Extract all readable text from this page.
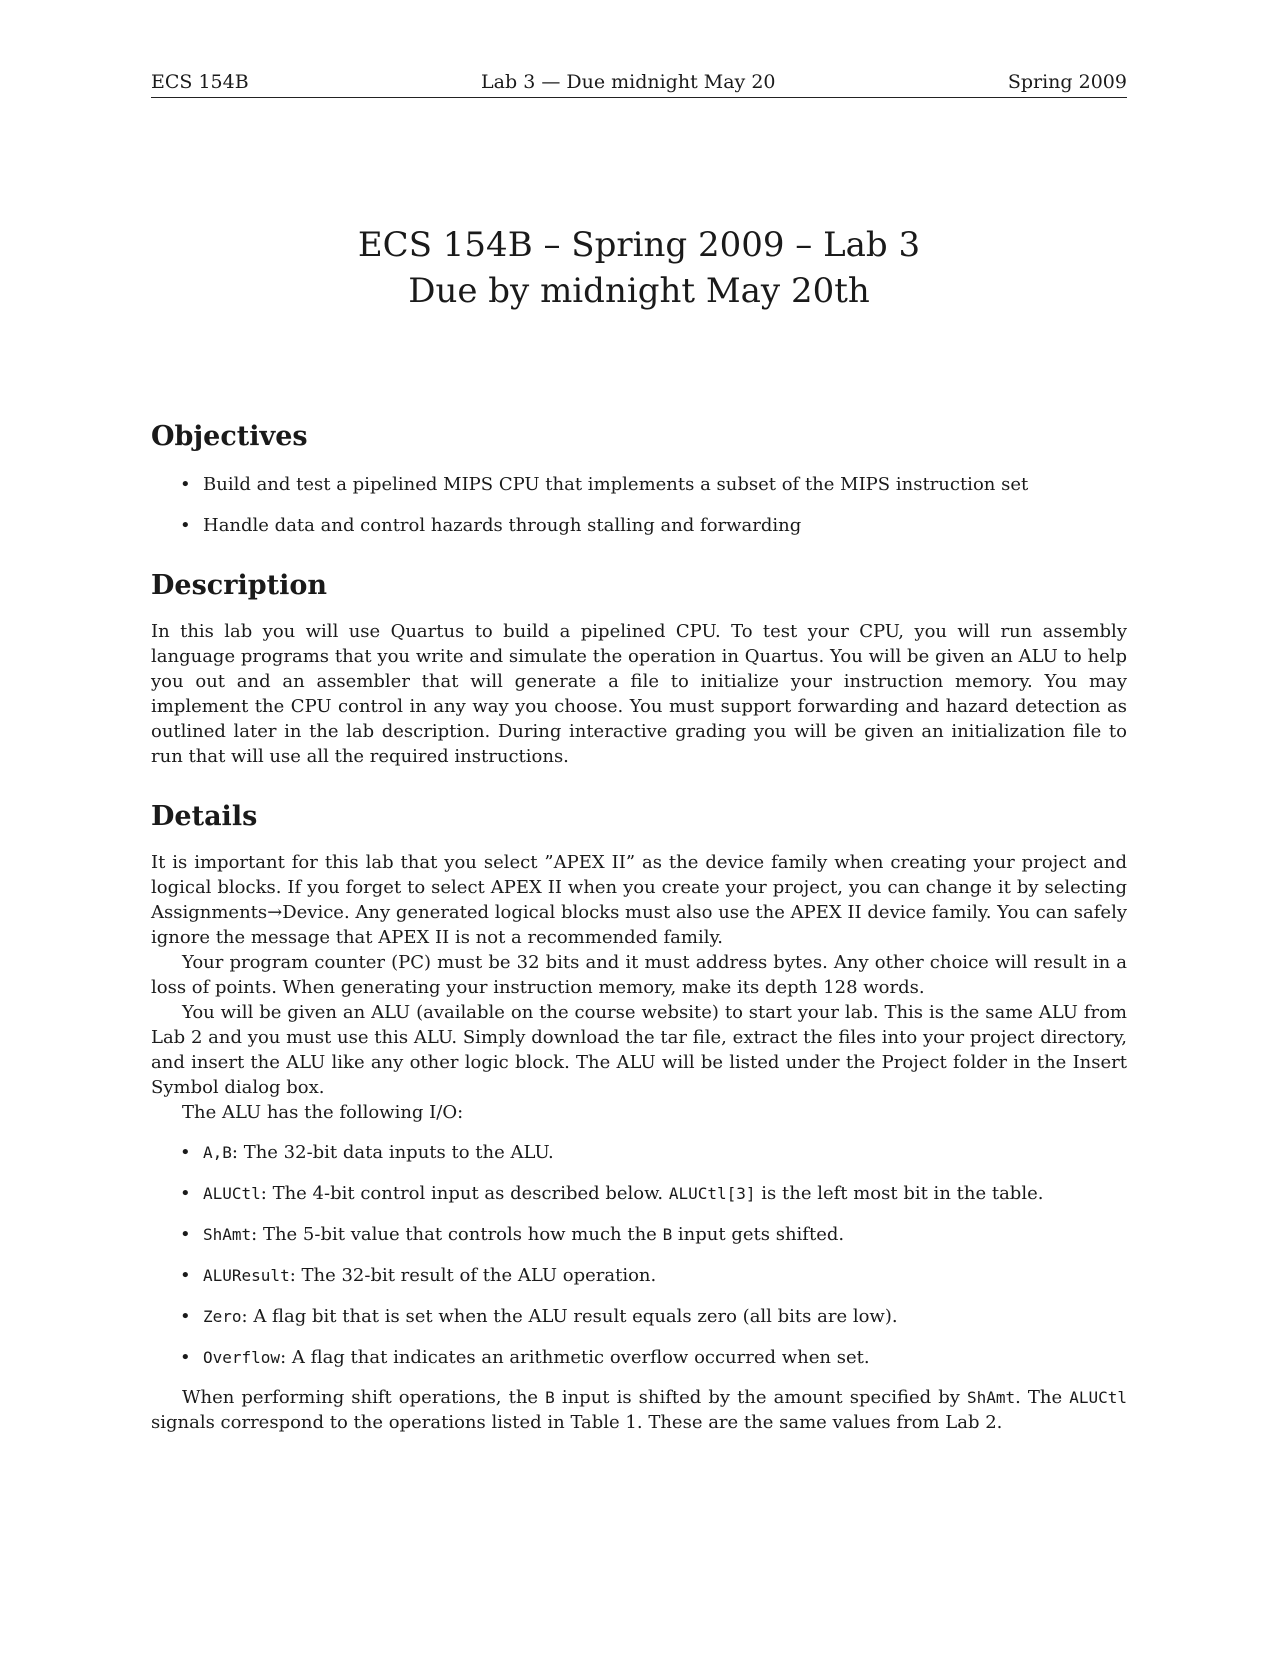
ECS 154B	Lab 3 — Due midnight May 20	Spring 2009
ECS 154B – Spring 2009 – Lab 3
Due by midnight May 20th
Objectives
• Build and test a pipelined MIPS CPU that implements a subset of the MIPS instruction set
• Handle data and control hazards through stalling and forwarding
Description

In this lab you will use Quartus to build a pipelined CPU. To test your CPU, you will run assembly language programs that you write and simulate the operation in Quartus. You will be given an ALU to help you out and an assembler that will generate a file to initialize your instruction memory. You may implement the CPU control in any way you choose. You must support forwarding and hazard detection as outlined later in the lab description. During interactive grading you will be given an initialization file to run that will use all the required instructions.

Details

It is important for this lab that you select ”APEX II” as the device family when creating your project and logical blocks. If you forget to select APEX II when you create your project, you can change it by selecting Assignments→Device. Any generated logical blocks must also use the APEX II device family. You can safely ignore the message that APEX II is not a recommended family.

Your program counter (PC) must be 32 bits and it must address bytes. Any other choice will result in a loss of points. When generating your instruction memory, make its depth 128 words.

You will be given an ALU (available on the course website) to start your lab. This is the same ALU from Lab 2 and you must use this ALU. Simply download the tar file, extract the files into your project directory, and insert the ALU like any other logic block. The ALU will be listed under the Project folder in the Insert Symbol dialog box.

The ALU has the following I/O:

• A,B: The 32-bit data inputs to the ALU.
• ALUCtl: The 4-bit control input as described below. ALUCtl[3] is the left most bit in the table.
• ShAmt: The 5-bit value that controls how much the B input gets shifted.
• ALUResult: The 32-bit result of the ALU operation.
• Zero: A flag bit that is set when the ALU result equals zero (all bits are low).
• Overflow: A flag that indicates an arithmetic overflow occurred when set.

When performing shift operations, the B input is shifted by the amount specified by ShAmt. The ALUCtl signals correspond to the operations listed in Table 1. These are the same values from Lab 2.
